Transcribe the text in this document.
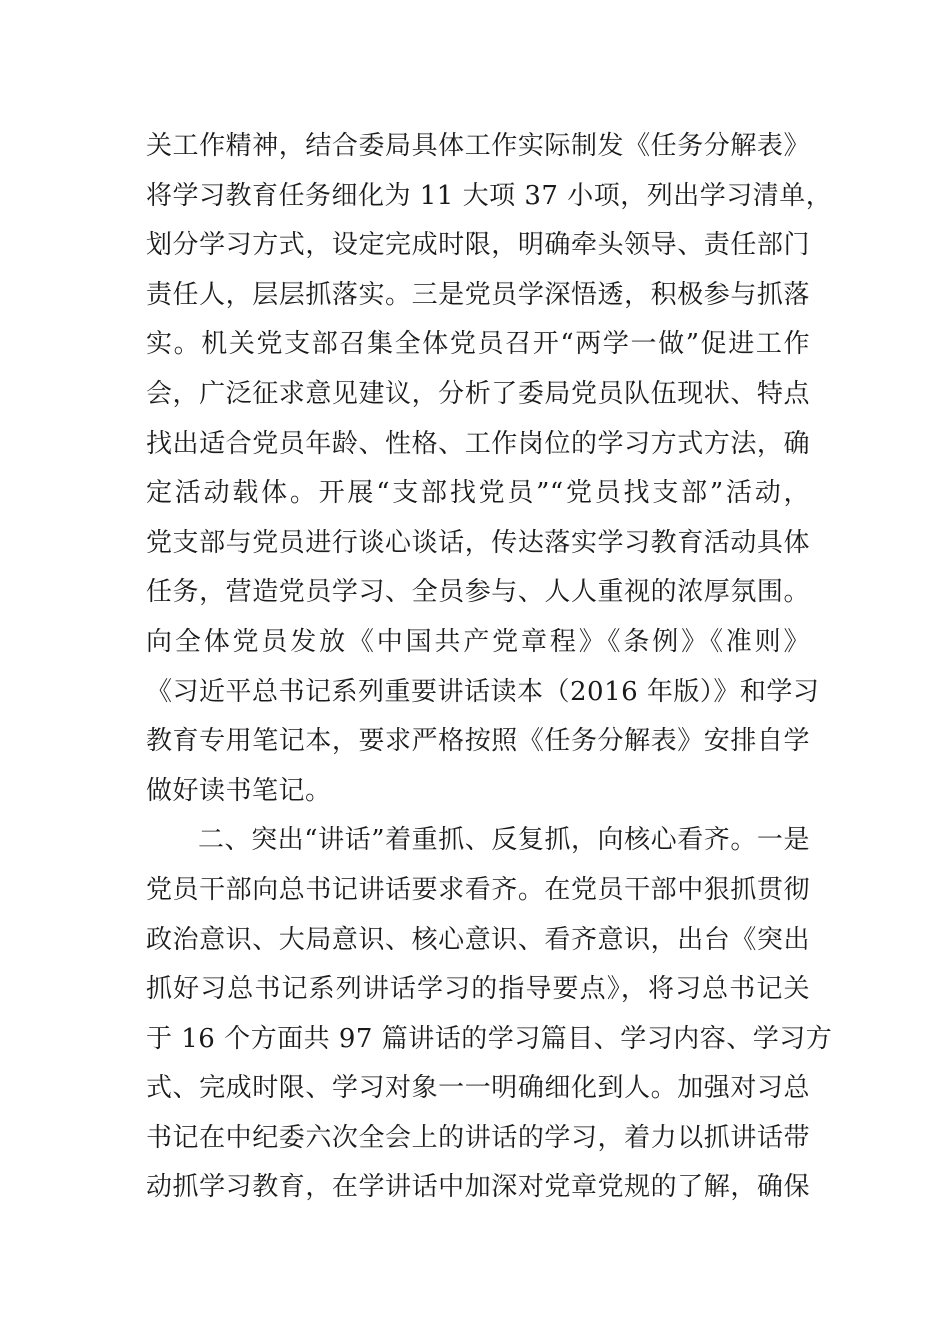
关工作精神，结合委局具体工作实际制发《任务分解表》
将学习教育任务细化为 11 大项 37 小项，列出学习清单，
划分学习方式，设定完成时限，明确牵头领导、责任部门
责任人，层层抓落实。三是党员学深悟透，积极参与抓落
实。机关党支部召集全体党员召开“两学一做”促进工作
会，广泛征求意见建议，分析了委局党员队伍现状、特点
找出适合党员年龄、性格、工作岗位的学习方式方法，确
定活动载体。开展“支部找党员”“党员找支部”活动，
党支部与党员进行谈心谈话，传达落实学习教育活动具体
任务，营造党员学习、全员参与、人人重视的浓厚氛围。
向全体党员发放《中国共产党章程》《条例》《准则》
《习近平总书记系列重要讲话读本（2016 年版）》和学习
教育专用笔记本，要求严格按照《任务分解表》安排自学
做好读书笔记。
二、突出“讲话”着重抓、反复抓，向核心看齐。一是
党员干部向总书记讲话要求看齐。在党员干部中狠抓贯彻
政治意识、大局意识、核心意识、看齐意识，出台《突出
抓好习总书记系列讲话学习的指导要点》，将习总书记关
于 16 个方面共 97 篇讲话的学习篇目、学习内容、学习方
式、完成时限、学习对象一一明确细化到人。加强对习总
书记在中纪委六次全会上的讲话的学习，着力以抓讲话带
动抓学习教育，在学讲话中加深对党章党规的了解，确保
